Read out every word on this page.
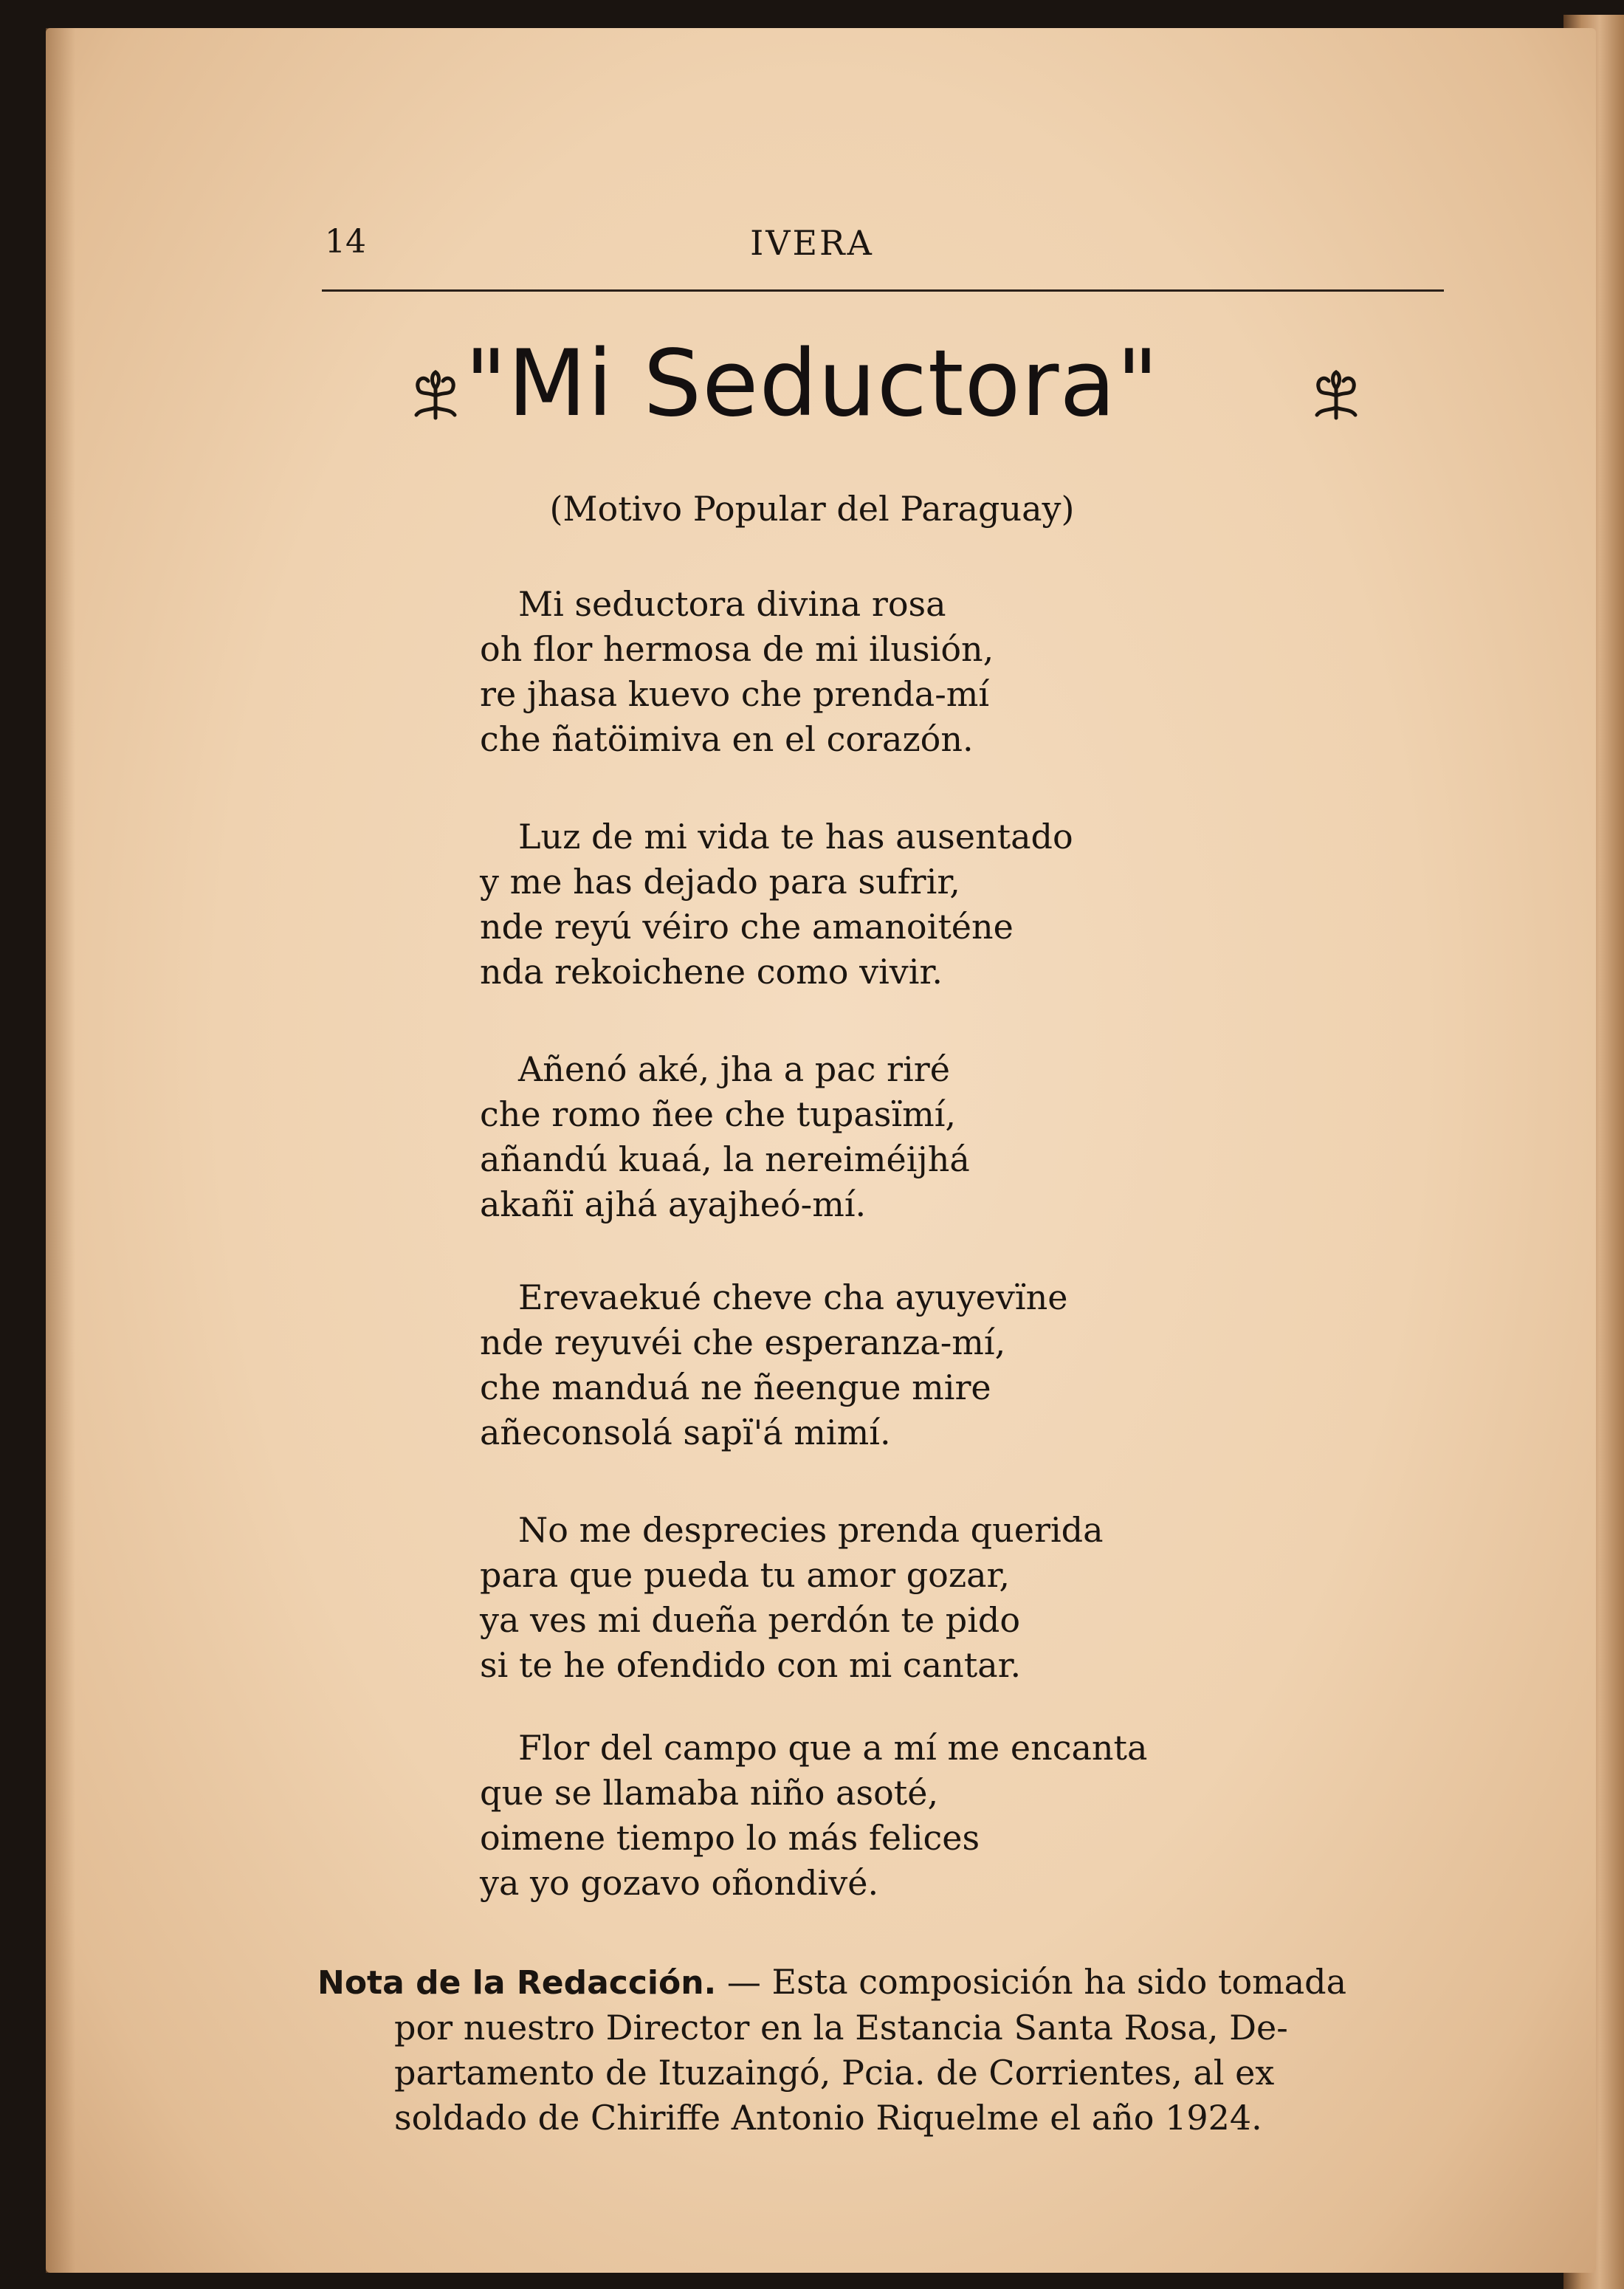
14	IVERA
"Mi Seductora"
(Motivo Popular del Paraguay)
Mi seductora divina rosa
oh flor hermosa de mi ilusión,
re jhasa kuevo che prenda-mí
che ñatöimiva en el corazón.
Luz de mi vida te has ausentado
y me has dejado para sufrir,
nde reyú véiro che amanoiténe
nda rekoichene como vivir.
Añenó aké, jha a pac riré
che romo ñee che tupasïmí,
añandú kuaá, la nereiméijhá
akañï ajhá ayajheó-mí.
Erevaekué cheve cha ayuyevïne
nde reyuvéi che esperanza-mí,
che manduá ne ñeengue mire
añeconsolá sapï'á mimí.
No me desprecies prenda querida
para que pueda tu amor gozar,
ya ves mi dueña perdón te pido
si te he ofendido con mi cantar.
Flor del campo que a mí me encanta
que se llamaba niño asoté,
oimene tiempo lo más felices
ya yo gozavo oñondivé.
Nota de la Redacción. — Esta composición ha sido tomada
por nuestro Director en la Estancia Santa Rosa, De-
partamento de Ituzaingó, Pcia. de Corrientes, al ex
soldado de Chiriffe Antonio Riquelme el año 1924.
